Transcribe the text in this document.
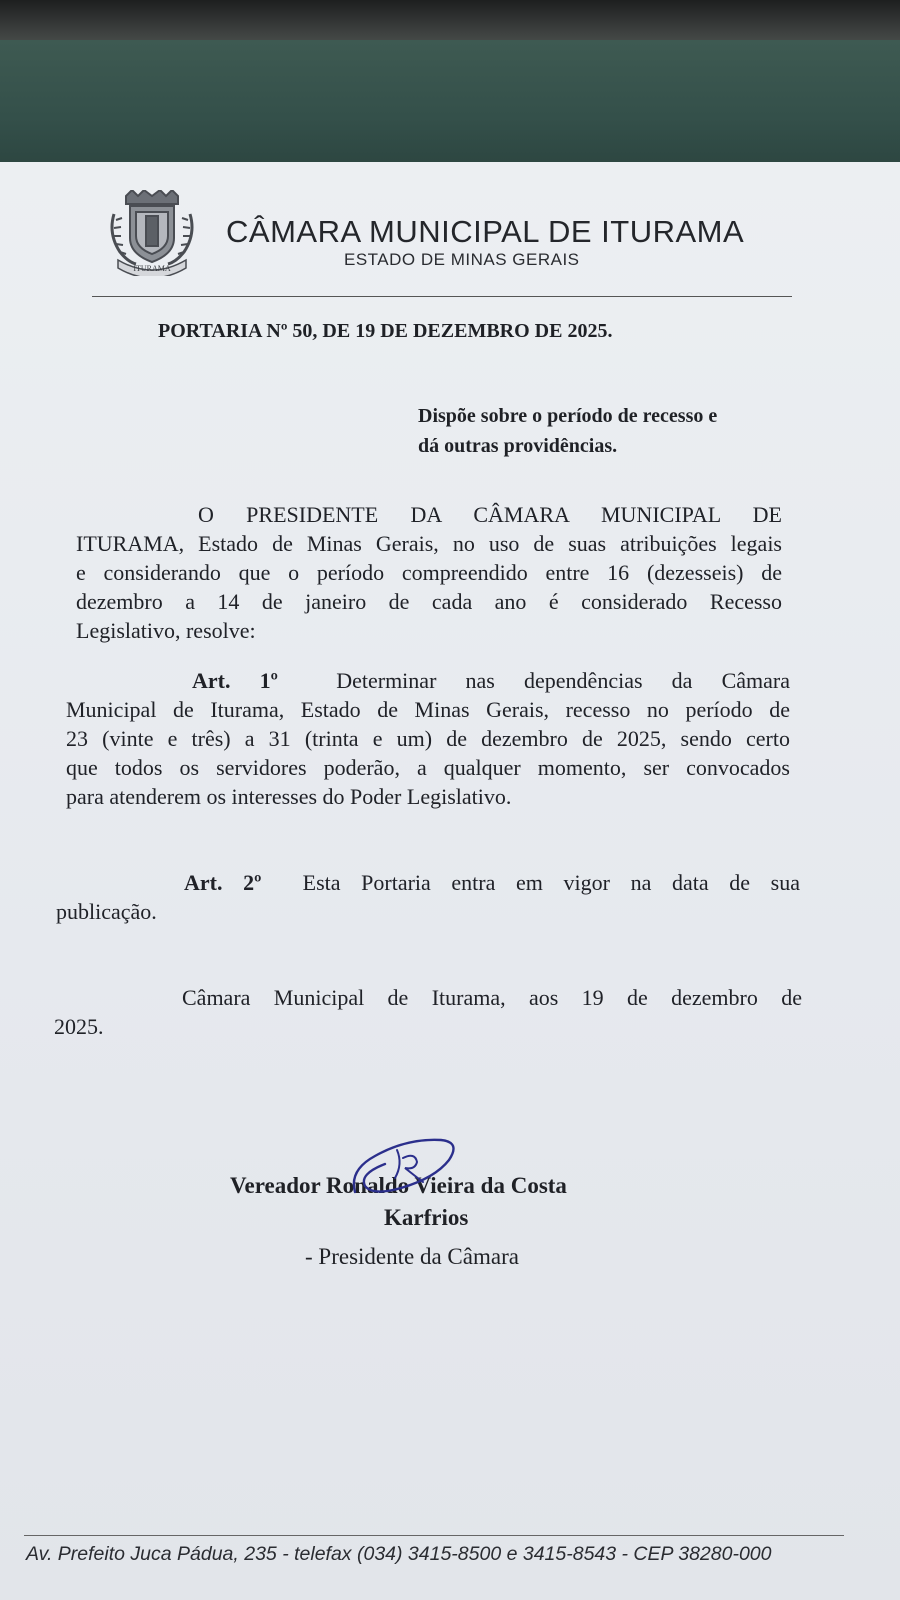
ITURAMA
CÂMARA MUNICIPAL DE ITURAMA
ESTADO DE MINAS GERAIS
PORTARIA Nº 50, DE 19 DE DEZEMBRO DE 2025.
Dispõe sobre o período de recesso e
dá outras providências.
O PRESIDENTE DA CÂMARA MUNICIPAL DE
ITURAMA, Estado de Minas Gerais, no uso de suas atribuições legais
e considerando que o período compreendido entre 16 (dezesseis) de
dezembro a 14 de janeiro de cada ano é considerado Recesso
Legislativo, resolve:
Art. 1º	Determinar nas dependências da Câmara
Municipal de Iturama, Estado de Minas Gerais, recesso no período de
23 (vinte e três) a 31 (trinta e um) de dezembro de 2025, sendo certo
que todos os servidores poderão, a qualquer momento, ser convocados
para atenderem os interesses do Poder Legislativo.
Art. 2º Esta Portaria entra em vigor na data de sua
publicação.
Câmara Municipal de Iturama, aos 19 de dezembro de
2025.
Vereador Ronaldo Vieira da Costa
Karfrios
- Presidente da Câmara
Av. Prefeito Juca Pádua, 235 - telefax (034) 3415-8500 e 3415-8543 - CEP 38280-000
